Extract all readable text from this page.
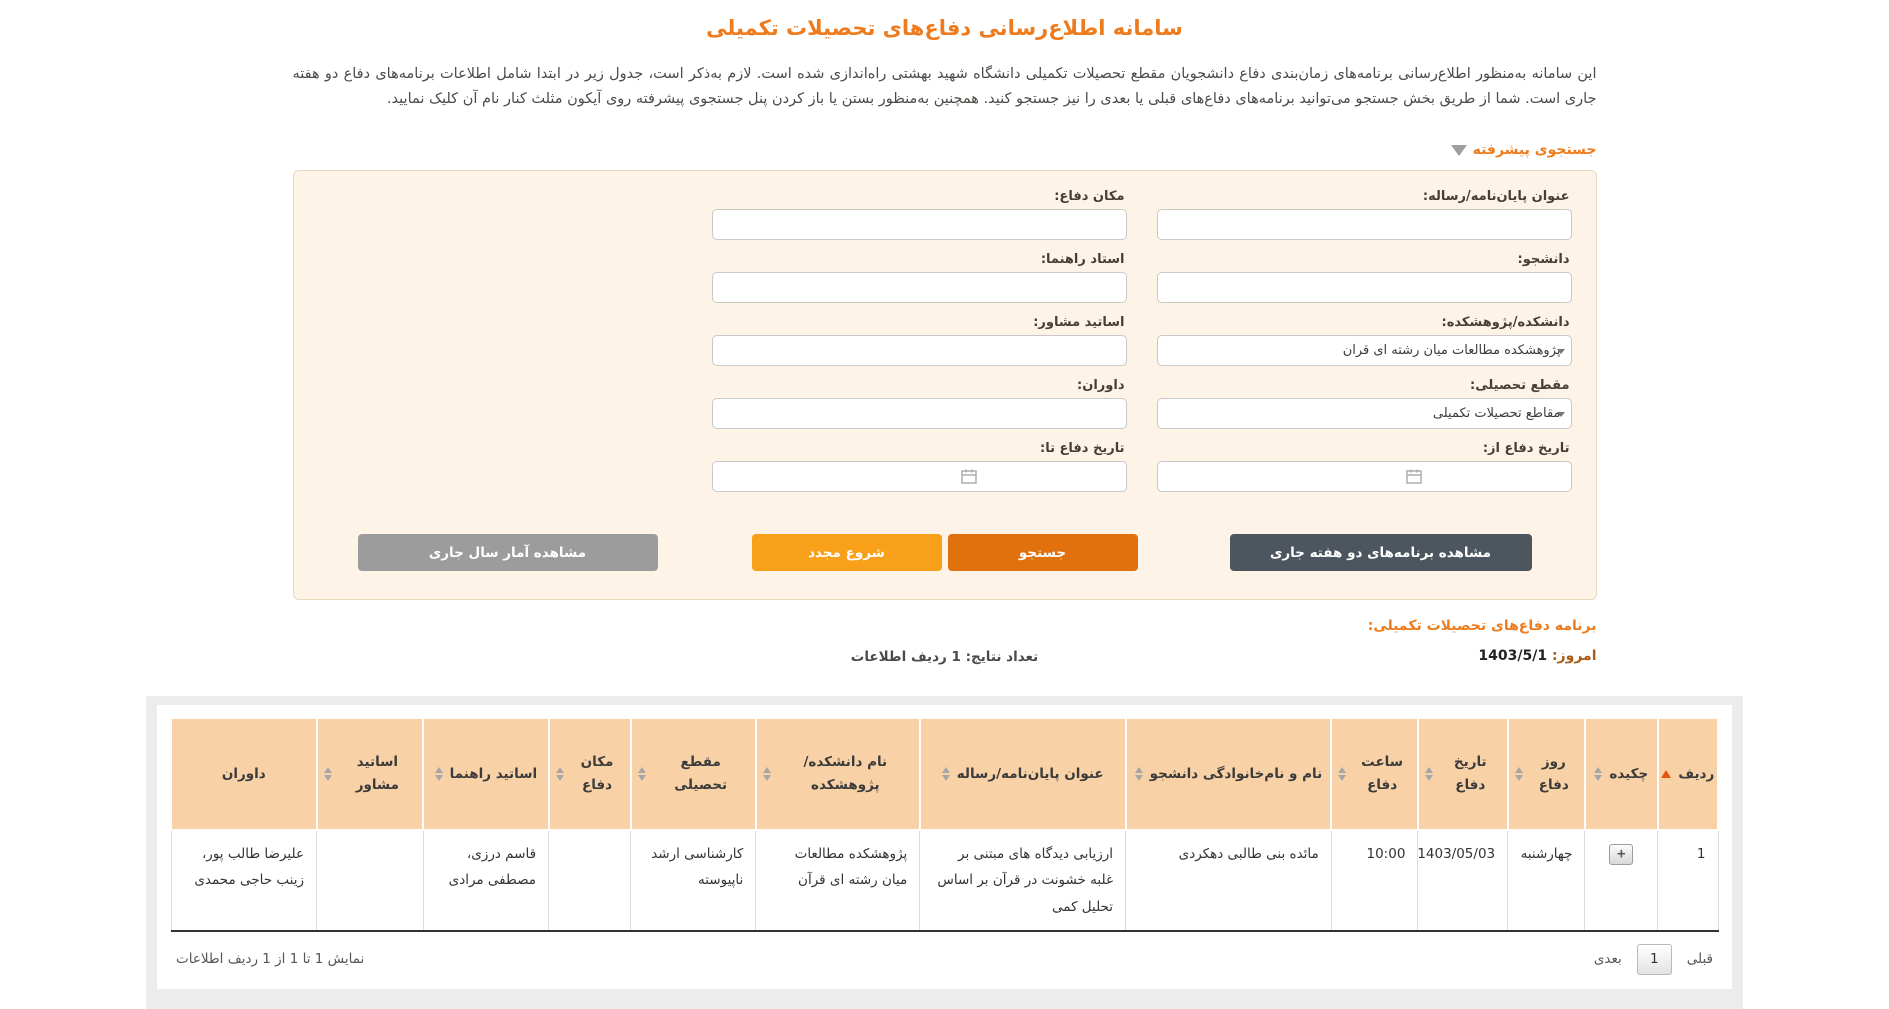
سامانه اطلاع‌رسانی دفاع‌های تحصیلات تکمیلی

این سامانه به‌منظور اطلاع‌رسانی برنامه‌های زمان‌بندی دفاع دانشجویان مقطع تحصیلات تکمیلی دانشگاه شهید بهشتی راه‌اندازی شده است. لازم به‌ذکر است، جدول زیر در ابتدا شامل اطلاعات برنامه‌های دفاع دو هفته جاری است. شما از طریق بخش جستجو می‌توانید برنامه‌های دفاع‌های قبلی یا بعدی را نیز جستجو کنید. همچنین به‌منظور بستن یا باز کردن پنل جستجوی پیشرفته روی آیکون مثلث کنار نام آن کلیک نمایید.

جستجوی پیشرفته
عنوان پایان‌نامه/رساله:
مکان دفاع:
دانشجو:
استاد راهنما:
دانشکده/پژوهشکده:
پژوهشکده مطالعات میان رشته ای قرآن
اساتید مشاور:
مقطع تحصیلی:
مقاطع تحصیلات تکمیلی
داوران:
تاریخ دفاع از:
تاریخ دفاع تا:
مشاهده برنامه‌های دو هفته جاری
جستجو
شروع مجدد
مشاهده آمار سال جاری
برنامه دفاع‌های تحصیلات تکمیلی:
امروز: 1403/5/1
تعداد نتایج: 1 ردیف اطلاعات
ردیف	چکیده	روز دفاع	تاریخ دفاع	ساعت دفاع	نام و نام‌خانوادگی دانشجو	عنوان پایان‌نامه/رساله	نام دانشکده/ پژوهشکده	مقطع تحصیلی	مکان دفاع	اساتید راهنما	اساتید مشاور	داوران

1	+	چهارشنبه	1403/05/03	10:00	مائده بنی طالبی دهکردی	ارزیابی دیدگاه های مبتنی بر غلبه خشونت در قرآن بر اساس تحلیل کمی	پژوهشکده مطالعات میان رشته ای قرآن	کارشناسی ارشد ناپیوسته		قاسم درزی، مصطفی مرادی		علیرضا طالب پور، زینب حاجی محمدی
قبلی
1
بعدی
نمایش 1 تا 1 از 1 ردیف اطلاعات
